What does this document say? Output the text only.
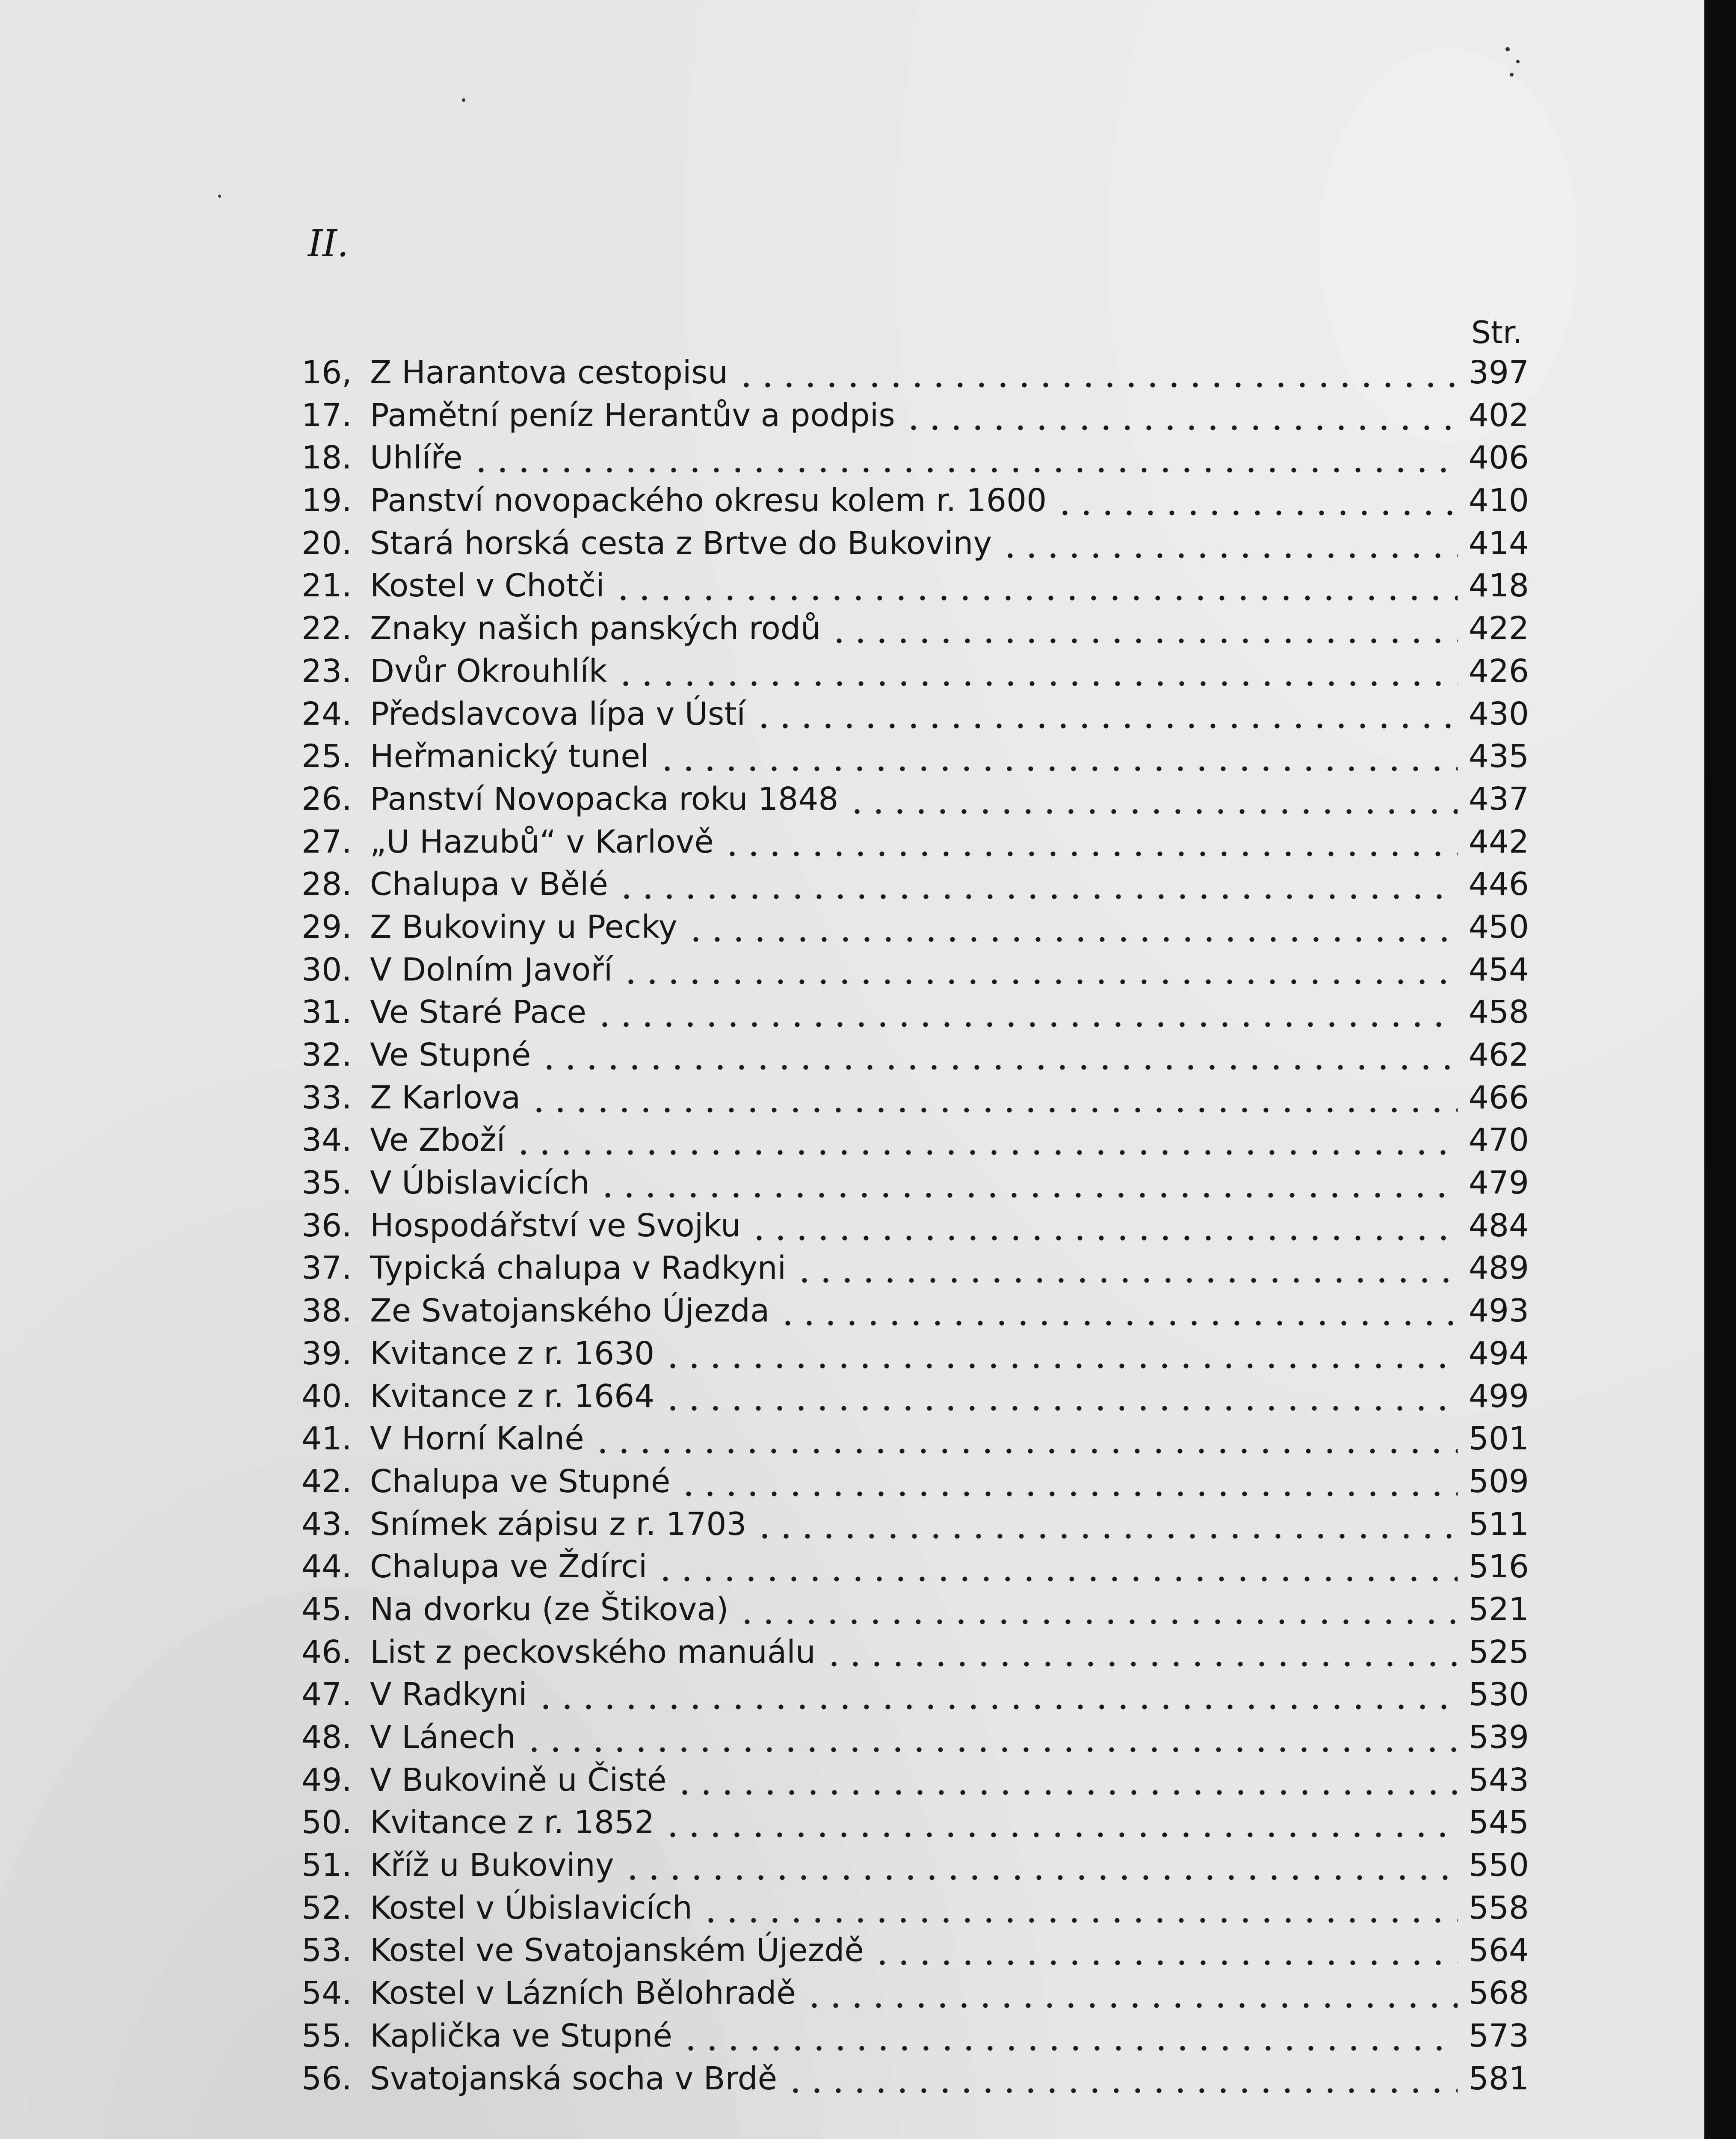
II.
Str.
16, Z Harantova cestopisu	397
17. Pamětní peníz Herantův a podpis	402
18. Uhlíře	406
19. Panství novopackého okresu kolem r. 1600	410
20. Stará horská cesta z Brtve do Bukoviny	414
21. Kostel v Chotči	418
22. Znaky našich panských rodů	422
23. Dvůr Okrouhlík	426
24. Předslavcova lípa v Ústí	430
25. Heřmanický tunel	435
26. Panství Novopacka roku 1848	437
27. „U Hazubů“ v Karlově	442
28. Chalupa v Bělé	446
29. Z Bukoviny u Pecky	450
30. V Dolním Javoří	454
31. Ve Staré Pace	458
32. Ve Stupné	462
33. Z Karlova	466
34. Ve Zboží	470
35. V Úbislavicích	479
36. Hospodářství ve Svojku	484
37. Typická chalupa v Radkyni	489
38. Ze Svatojanského Újezda	493
39. Kvitance z r. 1630	494
40. Kvitance z r. 1664	499
41. V Horní Kalné	501
42. Chalupa ve Stupné	509
43. Snímek zápisu z r. 1703	511
44. Chalupa ve Ždírci	516
45. Na dvorku (ze Štikova)	521
46. List z peckovského manuálu	525
47. V Radkyni	530
48. V Lánech	539
49. V Bukovině u Čisté	543
50. Kvitance z r. 1852	545
51. Kříž u Bukoviny	550
52. Kostel v Úbislavicích	558
53. Kostel ve Svatojanském Újezdě	564
54. Kostel v Lázních Bělohradě	568
55. Kaplička ve Stupné	573
56. Svatojanská socha v Brdě	581
